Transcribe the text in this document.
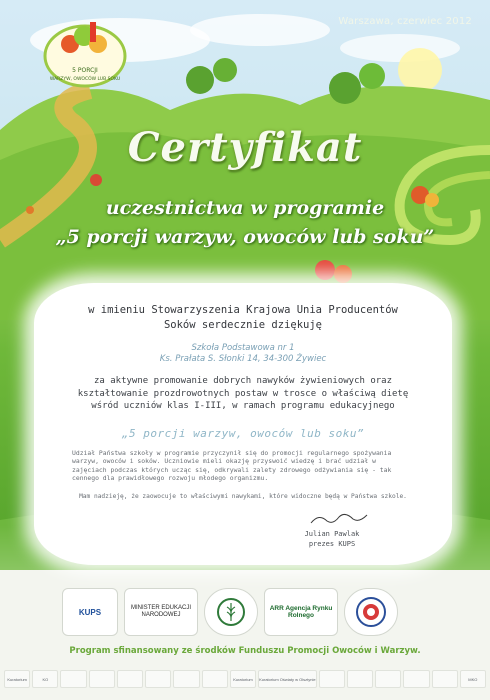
5 PORCJI
WARZYW, OWOCÓW LUB SOKU
Warszawa, czerwiec 2012
Certyfikat
uczestnictwa w programie
„5 porcji warzyw, owoców lub soku”
w imieniu Stowarzyszenia Krajowa Unia Producentów
Soków serdecznie dziękuję
Szkoła Podstawowa nr 1
Ks. Prałata S. Słonki 14, 34-300 Żywiec
za aktywne promowanie dobrych nawyków żywieniowych oraz
kształtowanie prozdrowotnych postaw w trosce o właściwą dietę
wśród uczniów klas I-III, w ramach programu edukacyjnego
„5 porcji warzyw, owoców lub soku”
Udział Państwa szkoły w programie przyczynił się do promocji regularnego spożywania warzyw, owoców i soków. Uczniowie mieli okazję przyswoić wiedzę i brać udział w zajęciach podczas których ucząc się, odkrywali zalety zdrowego odżywiania się - tak cennego dla prawidłowego rozwoju młodego organizmu.
Mam nadzieję, że zaowocuje to właściwymi nawykami, które widoczne będą w Państwa szkole.
Julian Pawlak
prezes KUPS
KUPS	MINISTER EDUKACJI NARODOWEJ
ARR Agencja Rynku Rolnego
Program sfinansowany ze środków Funduszu Promocji Owoców i Warzyw.
Kuratorium	KO	Kuratorium	Kuratorium Oświaty w Olsztynie	MKO
